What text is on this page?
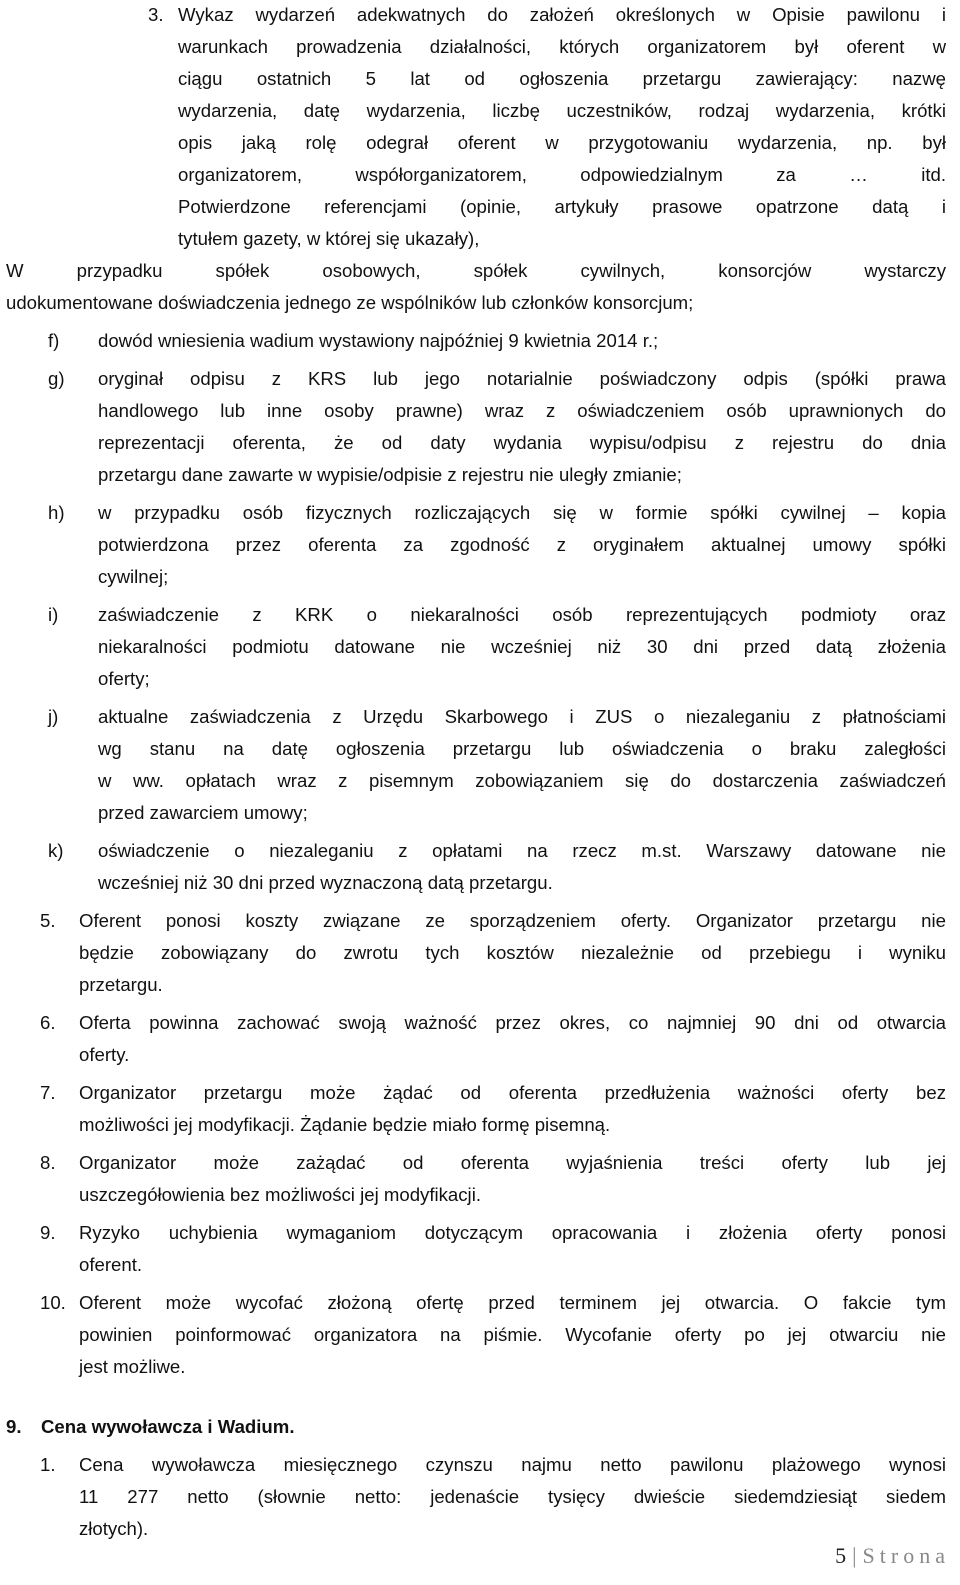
3. Wykaz wydarzeń adekwatnych do założeń określonych w Opisie pawilonu i
warunkach prowadzenia działalności, których organizatorem był oferent w
ciągu ostatnich 5 lat od ogłoszenia przetargu zawierający: nazwę
wydarzenia, datę wydarzenia, liczbę uczestników, rodzaj wydarzenia, krótki
opis jaką rolę odegrał oferent w przygotowaniu wydarzenia, np. był
organizatorem, współorganizatorem, odpowiedzialnym za … itd.
Potwierdzone referencjami (opinie, artykuły prasowe opatrzone datą i
tytułem gazety, w której się ukazały),
W przypadku spółek osobowych, spółek cywilnych, konsorcjów wystarczy
udokumentowane doświadczenia jednego ze wspólników lub członków konsorcjum;
f) dowód wniesienia wadium wystawiony najpóźniej 9 kwietnia 2014 r.;
g) oryginał odpisu z KRS lub jego notarialnie poświadczony odpis (spółki prawa
handlowego lub inne osoby prawne) wraz z oświadczeniem osób uprawnionych do
reprezentacji oferenta, że od daty wydania wypisu/odpisu z rejestru do dnia
przetargu dane zawarte w wypisie/odpisie z rejestru nie uległy zmianie;
h) w przypadku osób fizycznych rozliczających się w formie spółki cywilnej – kopia
potwierdzona przez oferenta za zgodność z oryginałem aktualnej umowy spółki
cywilnej;
i) zaświadczenie z KRK o niekaralności osób reprezentujących podmioty oraz
niekaralności podmiotu datowane nie wcześniej niż 30 dni przed datą złożenia
oferty;
j) aktualne zaświadczenia z Urzędu Skarbowego i ZUS o niezaleganiu z płatnościami
wg stanu na datę ogłoszenia przetargu lub oświadczenia o braku zaległości
w ww. opłatach wraz z pisemnym zobowiązaniem się do dostarczenia zaświadczeń
przed zawarciem umowy;
k) oświadczenie o niezaleganiu z opłatami na rzecz m.st. Warszawy datowane nie
wcześniej niż 30 dni przed wyznaczoną datą przetargu.
5. Oferent ponosi koszty związane ze sporządzeniem oferty. Organizator przetargu nie
będzie zobowiązany do zwrotu tych kosztów niezależnie od przebiegu i wyniku
przetargu.
6. Oferta powinna zachować swoją ważność przez okres, co najmniej 90 dni od otwarcia
oferty.
7. Organizator przetargu może żądać od oferenta przedłużenia ważności oferty bez
możliwości jej modyfikacji. Żądanie będzie miało formę pisemną.
8. Organizator może zażądać od oferenta wyjaśnienia treści oferty lub jej
uszczegółowienia bez możliwości jej modyfikacji.
9. Ryzyko uchybienia wymaganiom dotyczącym opracowania i złożenia oferty ponosi
oferent.
10. Oferent może wycofać złożoną ofertę przed terminem jej otwarcia. O fakcie tym
powinien poinformować organizatora na piśmie. Wycofanie oferty po jej otwarciu nie
jest możliwe.
9. Cena wywoławcza i Wadium.
1. Cena wywoławcza miesięcznego czynszu najmu netto pawilonu plażowego wynosi
11 277 netto (słownie netto: jedenaście tysięcy dwieście siedemdziesiąt siedem
złotych).
5 | Strona
